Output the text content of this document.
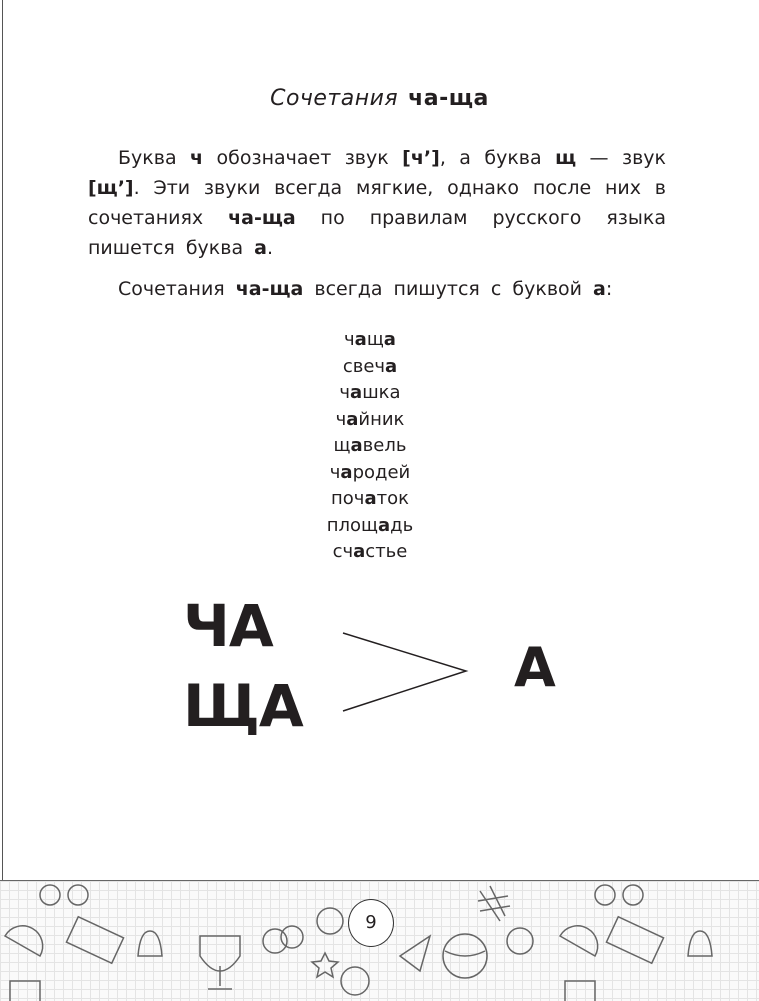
Сочетания ча-ща
Буква ч обозначает звук [ч’], а буква щ — звук [щ’]. Эти звуки всегда мягкие, однако после них в сочетаниях ча-ща по правилам русского языка пишется буква а.
Сочетания ча-ща всегда пишутся с буквой а:
чаща
свеча
чашка
чайник
щавель
чародей
початок
площадь
счастье
ЧА
ЩА
А
9
